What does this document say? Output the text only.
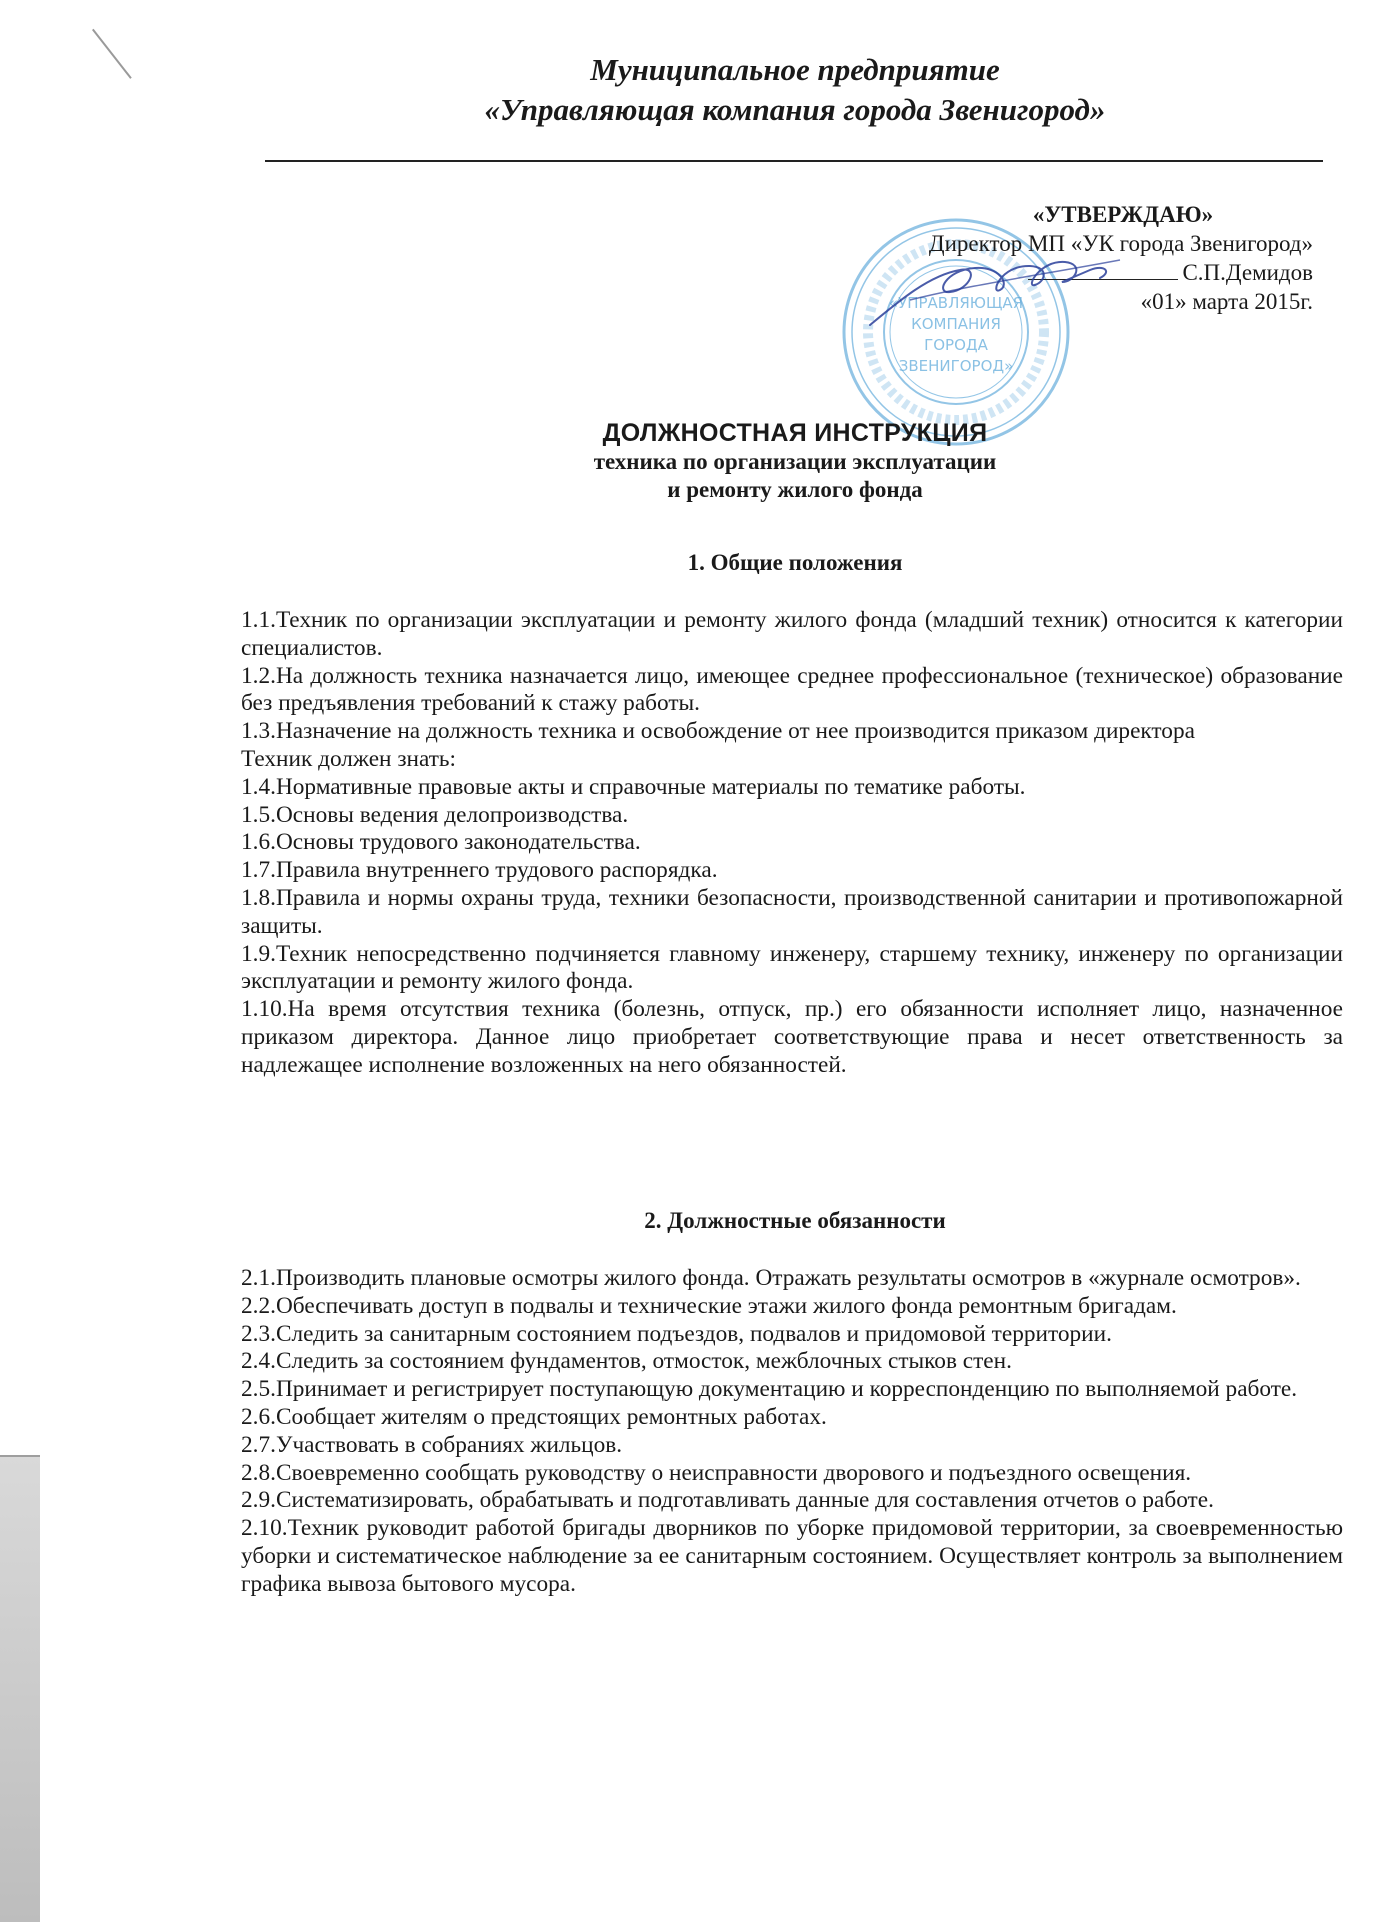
Муниципальное предприятие
«Управляющая компания города Звенигород»
«УПРАВЛЯЮЩАЯ
КОМПАНИЯ
ГОРОДА
ЗВЕНИГОРОД»
«УТВЕРЖДАЮ»
Директор МП «УК города Звенигород»
С.П.Демидов
«01» марта 2015г.
ДОЛЖНОСТНАЯ ИНСТРУКЦИЯ
техника по организации эксплуатации
и ремонту жилого фонда
1. Общие положения

1.1.Техник по организации эксплуатации и ремонту жилого фонда (младший техник) относится к категории специалистов.

1.2.На должность техника назначается лицо, имеющее среднее профессиональное (техническое) образование без предъявления требований к стажу работы.

1.3.Назначение на должность техника и освобождение от нее производится приказом директора

Техник должен знать:

1.4.Нормативные правовые акты и справочные материалы по тематике работы.

1.5.Основы ведения делопроизводства.

1.6.Основы трудового законодательства.

1.7.Правила внутреннего трудового распорядка.

1.8.Правила и нормы охраны труда, техники безопасности, производственной санитарии и противопожарной защиты.

1.9.Техник непосредственно подчиняется главному инженеру, старшему технику, инженеру по организации эксплуатации и ремонту жилого фонда.

1.10.На время отсутствия техника (болезнь, отпуск, пр.) его обязанности исполняет лицо, назначенное приказом директора. Данное лицо приобретает соответствующие права и несет ответственность за надлежащее исполнение возложенных на него обязанностей.

2. Должностные обязанности

2.1.Производить плановые осмотры жилого фонда. Отражать результаты осмотров в «журнале осмотров».

2.2.Обеспечивать доступ в подвалы и технические этажи жилого фонда ремонтным бригадам.

2.3.Следить за санитарным состоянием подъездов, подвалов и придомовой территории.

2.4.Следить за состоянием фундаментов, отмосток, межблочных стыков стен.

2.5.Принимает и регистрирует поступающую документацию и корреспонденцию по выполняемой работе.

2.6.Сообщает жителям о предстоящих ремонтных работах.

2.7.Участвовать в собраниях жильцов.

2.8.Своевременно сообщать руководству о неисправности дворового и подъездного освещения.

2.9.Систематизировать, обрабатывать и подготавливать данные для составления отчетов о работе.

2.10.Техник руководит работой бригады дворников по уборке придомовой территории, за своевременностью уборки и систематическое наблюдение за ее санитарным состоянием. Осуществляет контроль за выполнением графика вывоза бытового мусора.
